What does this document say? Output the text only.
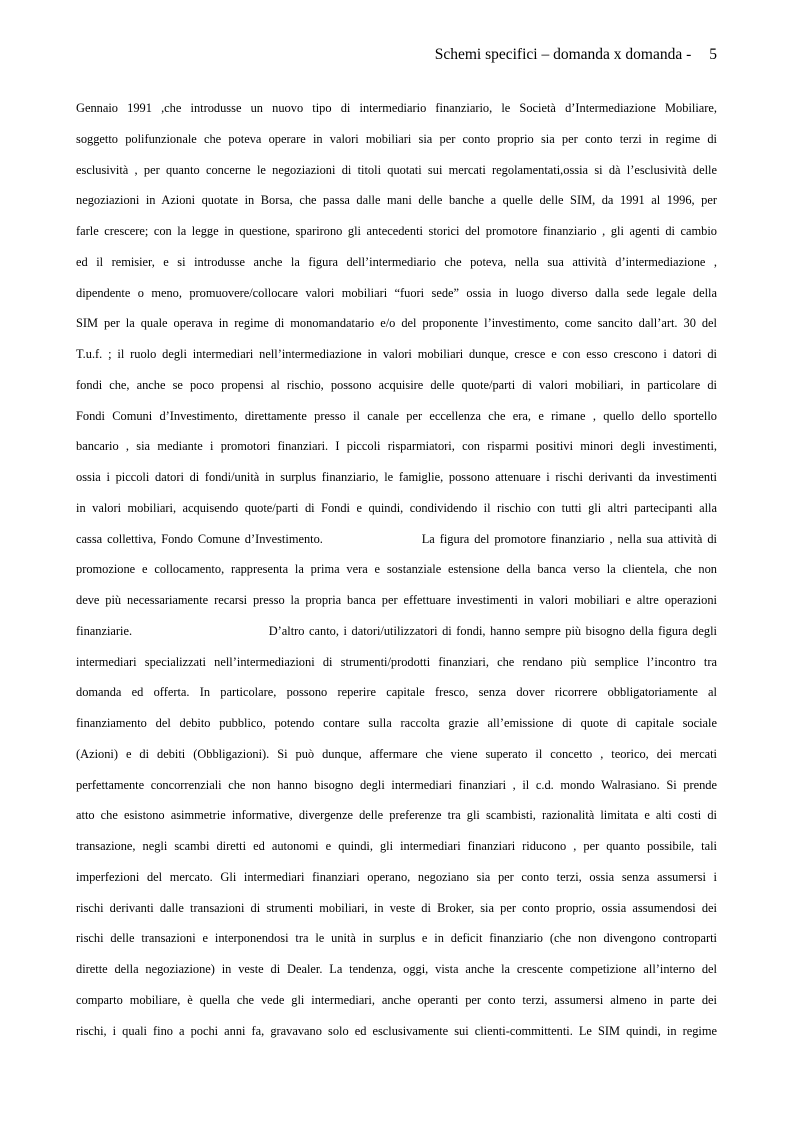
Schemi specifici – domanda x domanda - 5
Gennaio 1991 ,che introdusse un nuovo tipo di intermediario finanziario, le Società d’Intermediazione Mobiliare,
soggetto polifunzionale che poteva operare in valori mobiliari sia per conto proprio sia per conto terzi in regime di
esclusività , per quanto concerne le negoziazioni di titoli quotati sui mercati regolamentati,ossia si dà l’esclusività delle
negoziazioni in Azioni quotate in Borsa, che passa dalle mani delle banche a quelle delle SIM, da 1991 al 1996, per
farle crescere; con la legge in questione, sparirono gli antecedenti storici del promotore finanziario , gli agenti di cambio
ed il remisier, e si introdusse anche la figura dell’intermediario che poteva, nella sua attività d’intermediazione ,
dipendente o meno, promuovere/collocare valori mobiliari “fuori sede” ossia in luogo diverso dalla sede legale della
SIM per la quale operava in regime di monomandatario e/o del proponente l’investimento, come sancito dall’art. 30 del
T.u.f. ; il ruolo degli intermediari nell’intermediazione in valori mobiliari dunque, cresce e con esso crescono i datori di
fondi che, anche se poco propensi al rischio, possono acquisire delle quote/parti di valori mobiliari, in particolare di
Fondi Comuni d’Investimento, direttamente presso il canale per eccellenza che era, e rimane , quello dello sportello
bancario , sia mediante i promotori finanziari. I piccoli risparmiatori, con risparmi positivi minori degli investimenti,
ossia i piccoli datori di fondi/unità in surplus finanziario, le famiglie, possono attenuare i rischi derivanti da investimenti
in valori mobiliari, acquisendo quote/parti di Fondi e quindi, condividendo il rischio con tutti gli altri partecipanti alla
cassa collettiva, Fondo Comune d’Investimento.                    La figura del promotore finanziario , nella sua attività di
promozione e collocamento, rappresenta la prima vera e sostanziale estensione della banca verso la clientela, che non
deve più necessariamente recarsi presso la propria banca per effettuare investimenti in valori mobiliari e altre operazioni
finanziarie.                              D’altro canto, i datori/utilizzatori di fondi, hanno sempre più bisogno della figura degli
intermediari specializzati nell’intermediazioni di strumenti/prodotti finanziari, che rendano più semplice l’incontro tra
domanda ed offerta. In particolare, possono reperire capitale fresco, senza dover ricorrere obbligatoriamente al
finanziamento del debito pubblico, potendo contare sulla raccolta grazie all’emissione di quote di capitale sociale
(Azioni) e di debiti (Obbligazioni). Si può dunque, affermare che viene superato il concetto , teorico, dei mercati
perfettamente concorrenziali che non hanno bisogno degli intermediari finanziari , il c.d. mondo Walrasiano. Si prende
atto che esistono asimmetrie informative, divergenze delle preferenze tra gli scambisti, razionalità limitata e alti costi di
transazione, negli scambi diretti ed autonomi e quindi, gli intermediari finanziari riducono , per quanto possibile, tali
imperfezioni del mercato. Gli intermediari finanziari operano, negoziano sia per conto terzi, ossia senza assumersi i
rischi derivanti dalle transazioni di strumenti mobiliari, in veste di Broker, sia per conto proprio, ossia assumendosi dei
rischi delle transazioni e interponendosi tra le unità in surplus e in deficit finanziario (che non divengono controparti
dirette della negoziazione) in veste di Dealer. La tendenza, oggi, vista anche la crescente competizione all’interno del
comparto mobiliare, è quella che vede gli intermediari, anche operanti per conto terzi, assumersi almeno in parte dei
rischi, i quali fino a pochi anni fa, gravavano solo ed esclusivamente sui clienti-committenti. Le SIM quindi, in regime
